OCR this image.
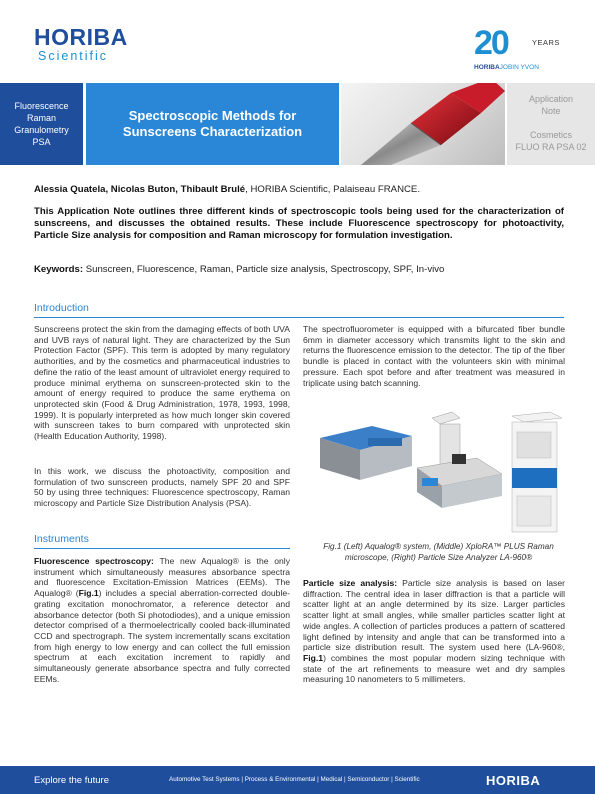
HORIBA
Scientific	20	YEARS
HORIBAJOBIN YVON
Fluorescence
Raman
Granulometry
PSA
Spectroscopic Methods for
Sunscreens Characterization
Application
Note
Cosmetics
FLUO RA PSA 02
Alessia Quatela, Nicolas Buton, Thibault Brulé, HORIBA Scientific, Palaiseau FRANCE.
This Application Note outlines three different kinds of spectroscopic tools being used for the characterization of sunscreens, and discusses the obtained results. These include Fluorescence spectroscopy for photoactivity, Particle Size analysis for composition and Raman microscopy for formulation investigation.
Keywords: Sunscreen, Fluorescence, Raman, Particle size analysis, Spectroscopy, SPF, In-vivo
Introduction
Sunscreens protect the skin from the damaging effects of both UVA and UVB rays of natural light. They are characterized by the Sun Protection Factor (SPF). This term is adopted by many regulatory authorities, and by the cosmetics and pharmaceutical industries to define the ratio of the least amount of ultraviolet energy required to produce minimal erythema on sunscreen-protected skin to the amount of energy required to produce the same erythema on unprotected skin (Food & Drug Administration, 1978, 1993, 1998, 1999). It is popularly interpreted as how much longer skin covered with sunscreen takes to burn compared with unprotected skin (Health Education Authority, 1998).
In this work, we discuss the photoactivity, composition and formulation of two sunscreen products, namely SPF 20 and SPF 50 by using three techniques: Fluorescence spectroscopy, Raman microscopy and Particle Size Distribution Analysis (PSA).
The spectrofluorometer is equipped with a bifurcated fiber bundle 6mm in diameter accessory which transmits light to the skin and returns the fluorescence emission to the detector. The tip of the fiber bundle is placed in contact with the volunteers skin with minimal pressure. Each spot before and after treatment was measured in triplicate using batch scanning.
Instruments
Fluorescence spectroscopy: The new Aqualog® is the only instrument which simultaneously measures absorbance spectra and fluorescence Excitation-Emission Matrices (EEMs). The Aqualog® (Fig.1) includes a special aberration-corrected double-grating excitation monochromator, a reference detector and absorbance detector (both Si photodiodes), and a unique emission detector comprised of a thermoelectrically cooled back-illuminated CCD and spectrograph. The system incrementally scans excitation from high energy to low energy and can collect the full emission spectrum at each excitation increment to rapidly and simultaneously generate absorbance spectra and fully corrected EEMs.
Fig.1 (Left) Aqualog® system, (Middle) XploRA™ PLUS Raman
microscope, (Right) Particle Size Analyzer LA-960®
Particle size analysis: Particle size analysis is based on laser diffraction. The central idea in laser diffraction is that a particle will scatter light at an angle determined by its size. Larger particles scatter light at small angles, while smaller particles scatter light at wide angles. A collection of particles produces a pattern of scattered light defined by intensity and angle that can be transformed into a particle size distribution result. The system used here (LA-960®, Fig.1) combines the most popular modern sizing technique with state of the art refinements to measure wet and dry samples measuring 10 nanometers to 5 millimeters.
Explore the future	Automotive Test Systems | Process & Environmental | Medical | Semiconductor | Scientific	HORIBA
